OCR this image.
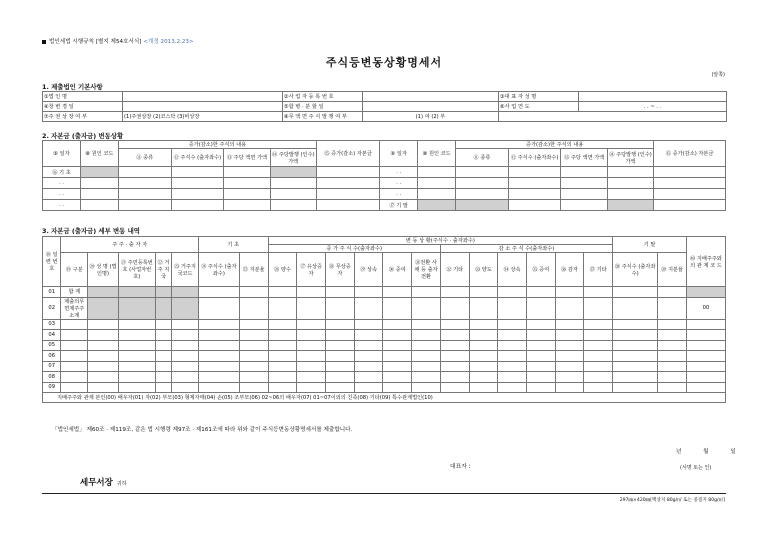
법인세법 시행규칙 [별지 제54호서식] <개정 2013.2.23>
주식등변동상황명세서
(앞쪽)
1. 제출법인 기본사항
①법 인 명		②사 업 자 등 록 번 호		③대 표 자 성 명	
④창 변 경 일		⑤합 병 · 분 할 일		⑥사 업 연 도	. . ~ . .
⑦주 권 상 장 여 부	(1)주권상장 (2)코스닥 (3)비상장	⑧무 액 면 주 식 발 행 여 부	(1) 여 (2) 부		
2. 자본금 (출자금) 변동상황
⑨ 일자	⑩ 원인 코드	증가(감소)한 주식의 내용				⑮ 증가(감소) 자본금	⑨ 일자	⑩ 원인 코드	증가(감소)한 주식의 내용				⑮ 증가(감소) 자본금
		⑪ 종류	⑫ 주식수 (출자좌수)	⑬ 주당 액면 가액	⑭ 주당발행 (인수)가액				⑪ 종류	⑫ 주식수 (출자좌수)	⑬ 주당 액면 가액	⑭ 주당발행 (인수)가액	
⑯ 기 초							. .						
. .							. .						
. .							. .						
. .							⑰ 기 말						
3. 자본금 (출자금) 세부 변동 내역
⑱ 일련 번호	주 주 · 출 자 자					기 초		변 동 상 황(주식수 · 출자좌수)												기 말		㊵ 지배주주와의 관 계 코 드
								증 가 주 식 수(출자좌수)						감 소 주 식 수(출자좌수)								
	⑲ 구분	⑳ 성 명 (법인명)	㉑ 주민등록번호 (사업자번호)	㉒ 거주 지국	㉓ 거주지 국코드	㉔ 주식수 (출자좌수)	㉕ 지분율	㉖ 양수	㉗ 유상증자	㉘ 무상증자	㉙ 상속	㉚ 증여	㉛전환 사채 등 출자전환	㉜ 기타	㉝ 양도	㉞ 상속	㉟ 증여	㊱ 감자	㊲ 기타	㊳ 주식수 (출자좌수)	㊴ 지분율	
01	합 계																					
02	제출의무 면제주주 소계																					00
03																						
04																						
05																						
06																						
07																						
08																						
09																						
지배주주와 관계 본인(00) 배우자(01) 자(02) 부모(03) 형제자매(04) 손(05) 조부모(06) 02~06의 배우자(07) 01~07이외의 친족(08) 기타(09) 특수관계법인(10)																						
「법인세법」 제60조 · 제119조, 같은 법 시행령 제97조 · 제161조에 따라 위와 같이 주식등변동상황명세서를 제출합니다.
년 월 일
대표자 :	(서명 또는 인)
세무서장 귀하
297㎜×420㎜[백상지 80g/㎡ 또는 중질지 80g/㎡]
